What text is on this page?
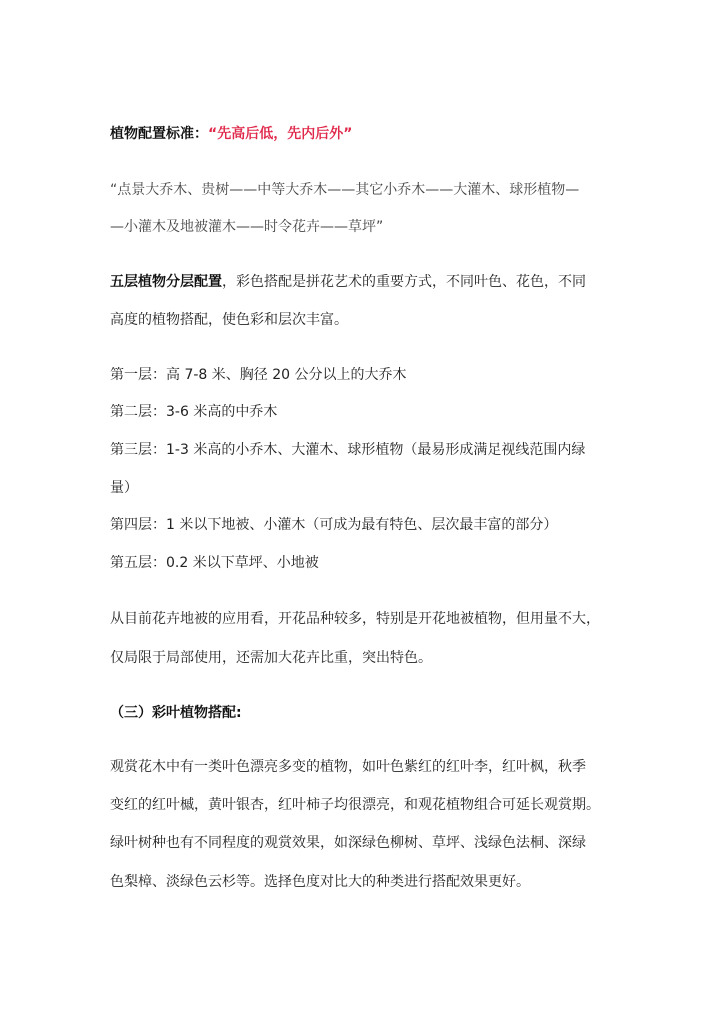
植物配置标准：“先高后低，先内后外”
“点景大乔木、贵树——中等大乔木——其它小乔木——大灌木、球形植物—
—小灌木及地被灌木——时令花卉——草坪”
五层植物分层配置，彩色搭配是拼花艺术的重要方式，不同叶色、花色，不同
高度的植物搭配，使色彩和层次丰富。
第一层：高 7-8 米、胸径 20 公分以上的大乔木
第二层：3-6 米高的中乔木
第三层：1-3 米高的小乔木、大灌木、球形植物（最易形成满足视线范围内绿
量）
第四层：1 米以下地被、小灌木（可成为最有特色、层次最丰富的部分）
第五层：0.2 米以下草坪、小地被
从目前花卉地被的应用看，开花品种较多，特别是开花地被植物，但用量不大，
仅局限于局部使用，还需加大花卉比重，突出特色。
（三）彩叶植物搭配:
观赏花木中有一类叶色漂亮多变的植物，如叶色紫红的红叶李，红叶枫，秋季
变红的红叶槭，黄叶银杏，红叶柿子均很漂亮，和观花植物组合可延长观赏期。
绿叶树种也有不同程度的观赏效果，如深绿色柳树、草坪、浅绿色法桐、深绿
色梨樟、淡绿色云杉等。选择色度对比大的种类进行搭配效果更好。
